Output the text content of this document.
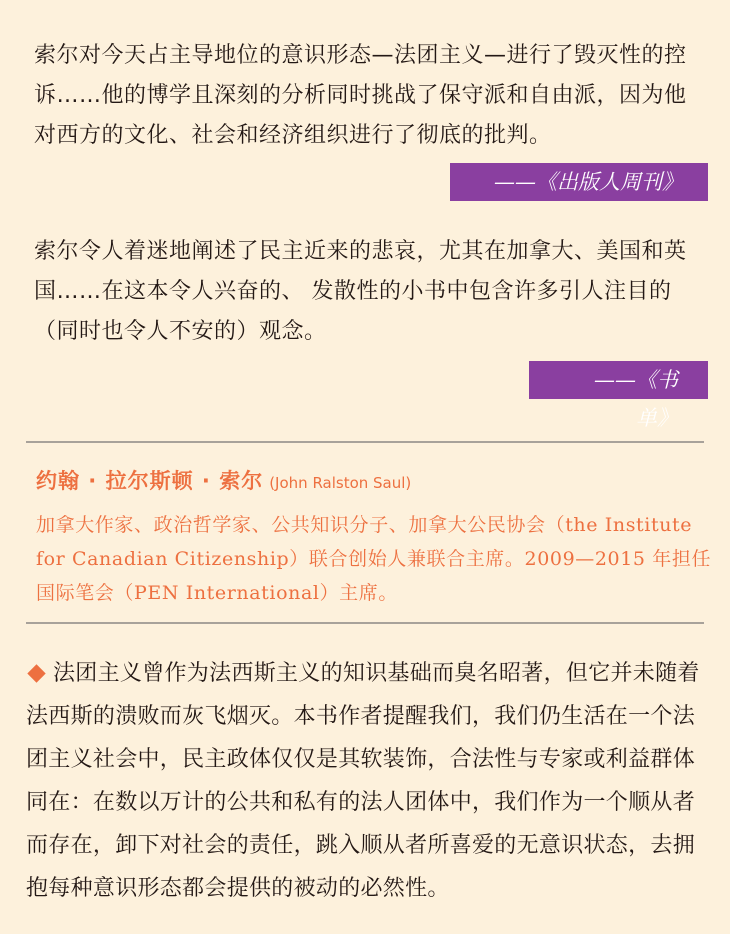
索尔对今天占主导地位的意识形态—法团主义—进行了毁灭性的控诉……他的博学且深刻的分析同时挑战了保守派和自由派，因为他对西方的文化、社会和经济组织进行了彻底的批判。

——《出版人周刊》

索尔令人着迷地阐述了民主近来的悲哀，尤其在加拿大、美国和英国……在这本令人兴奋的、 发散性的小书中包含许多引人注目的（同时也令人不安的）观念。

——《书单》

约翰 · 拉尔斯顿 · 索尔 (John Ralston Saul)

加拿大作家、政治哲学家、公共知识分子、加拿大公民协会（the Institute for Canadian Citizenship）联合创始人兼联合主席。2009—2015 年担任国际笔会（PEN International）主席。

法团主义曾作为法西斯主义的知识基础而臭名昭著，但它并未随着法西斯的溃败而灰飞烟灭。本书作者提醒我们，我们仍生活在一个法团主义社会中，民主政体仅仅是其软装饰，合法性与专家或利益群体同在：在数以万计的公共和私有的法人团体中，我们作为一个顺从者而存在，卸下对社会的责任，跳入顺从者所喜爱的无意识状态，去拥抱每种意识形态都会提供的被动的必然性。
